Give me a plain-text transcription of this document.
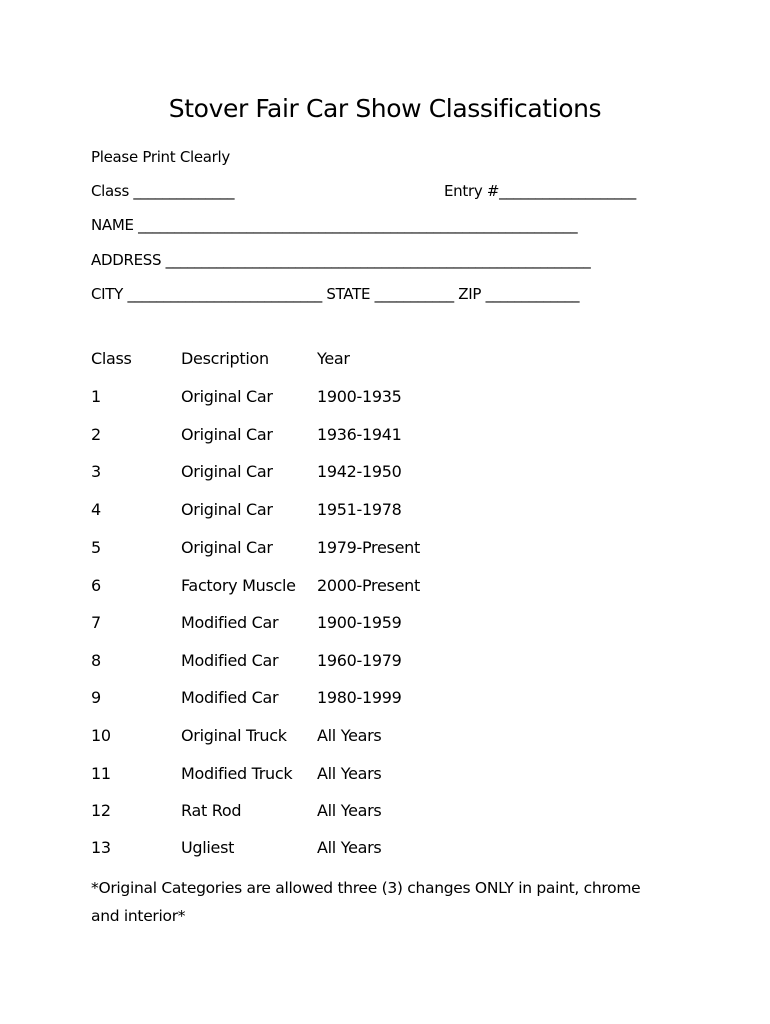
Stover Fair Car Show Classifications
Please Print Clearly
Class ______________	Entry #___________________
NAME _____________________________________________________________
ADDRESS ___________________________________________________________
CITY ___________________________ STATE ___________ ZIP _____________
Class	Description	Year
1	Original Car	1900-1935
2	Original Car	1936-1941
3	Original Car	1942-1950
4	Original Car	1951-1978
5	Original Car	1979-Present
6	Factory Muscle 2000-Present
7	Modified Car 1900-1959
8	Modified Car 1960-1979
9	Modified Car 1980-1999
10	Original Truck All Years
11	Modified Truck All Years
12	Rat Rod	All Years
13	Ugliest	All Years
*Original Categories are allowed three (3) changes ONLY in paint, chrome and interior*
